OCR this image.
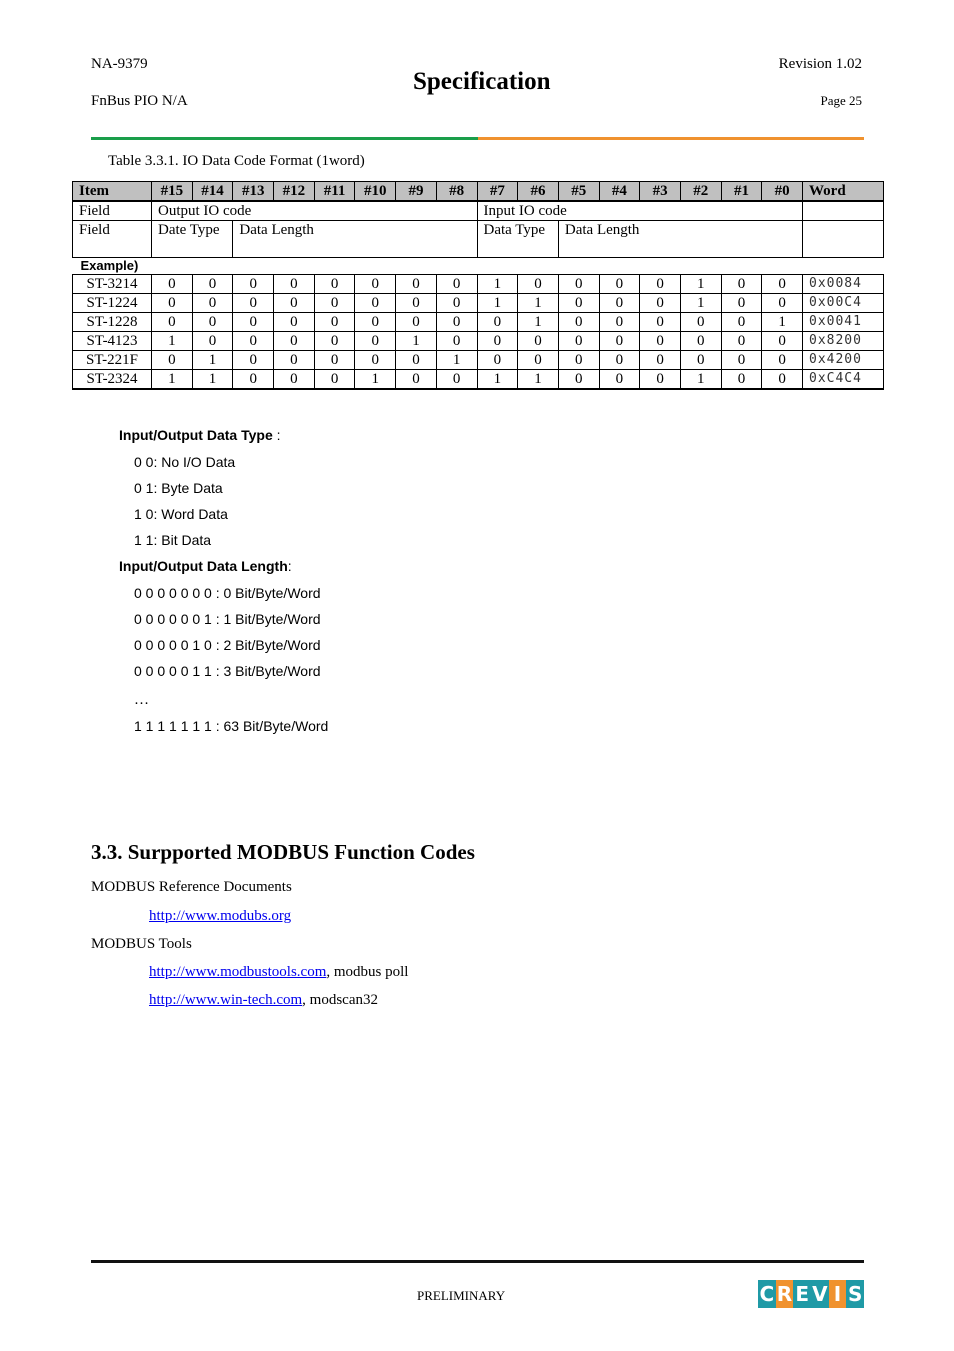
NA-9379
FnBus PIO N/A
Specification
Revision 1.02
Page 25
Table 3.3.1. IO Data Code Format (1word)
Item	#15	#14	#13	#12	#11	#10	#9	#8	#7	#6	#5	#4	#3	#2	#1	#0	Word
Field	Output IO code								Input IO code								
Field	Date Type		Data Length						Data Type		Data Length						
Example)																	
ST-3214	0	0	0	0	0	0	0	0	1	0	0	0	0	1	0	0	0x0084
ST-1224	0	0	0	0	0	0	0	0	1	1	0	0	0	1	0	0	0x00C4
ST-1228	0	0	0	0	0	0	0	0	0	1	0	0	0	0	0	1	0x0041
ST-4123	1	0	0	0	0	0	1	0	0	0	0	0	0	0	0	0	0x8200
ST-221F	0	1	0	0	0	0	0	1	0	0	0	0	0	0	0	0	0x4200
ST-2324	1	1	0	0	0	1	0	0	1	1	0	0	0	1	0	0	0xC4C4
Input/Output Data Type :
0 0: No I/O Data
0 1: Byte Data
1 0: Word Data
1 1: Bit Data
Input/Output Data Length:
0 0 0 0 0 0 0 : 0 Bit/Byte/Word
0 0 0 0 0 0 1 : 1 Bit/Byte/Word
0 0 0 0 0 1 0 : 2 Bit/Byte/Word
0 0 0 0 0 1 1 : 3 Bit/Byte/Word
…
1 1 1 1 1 1 1 : 63 Bit/Byte/Word
3.3. Surpported MODBUS Function Codes
MODBUS Reference Documents
http://www.modubs.org
MODBUS Tools
http://www.modbustools.com, modbus poll
http://www.win-tech.com, modscan32
PRELIMINARY	C R E V I S
